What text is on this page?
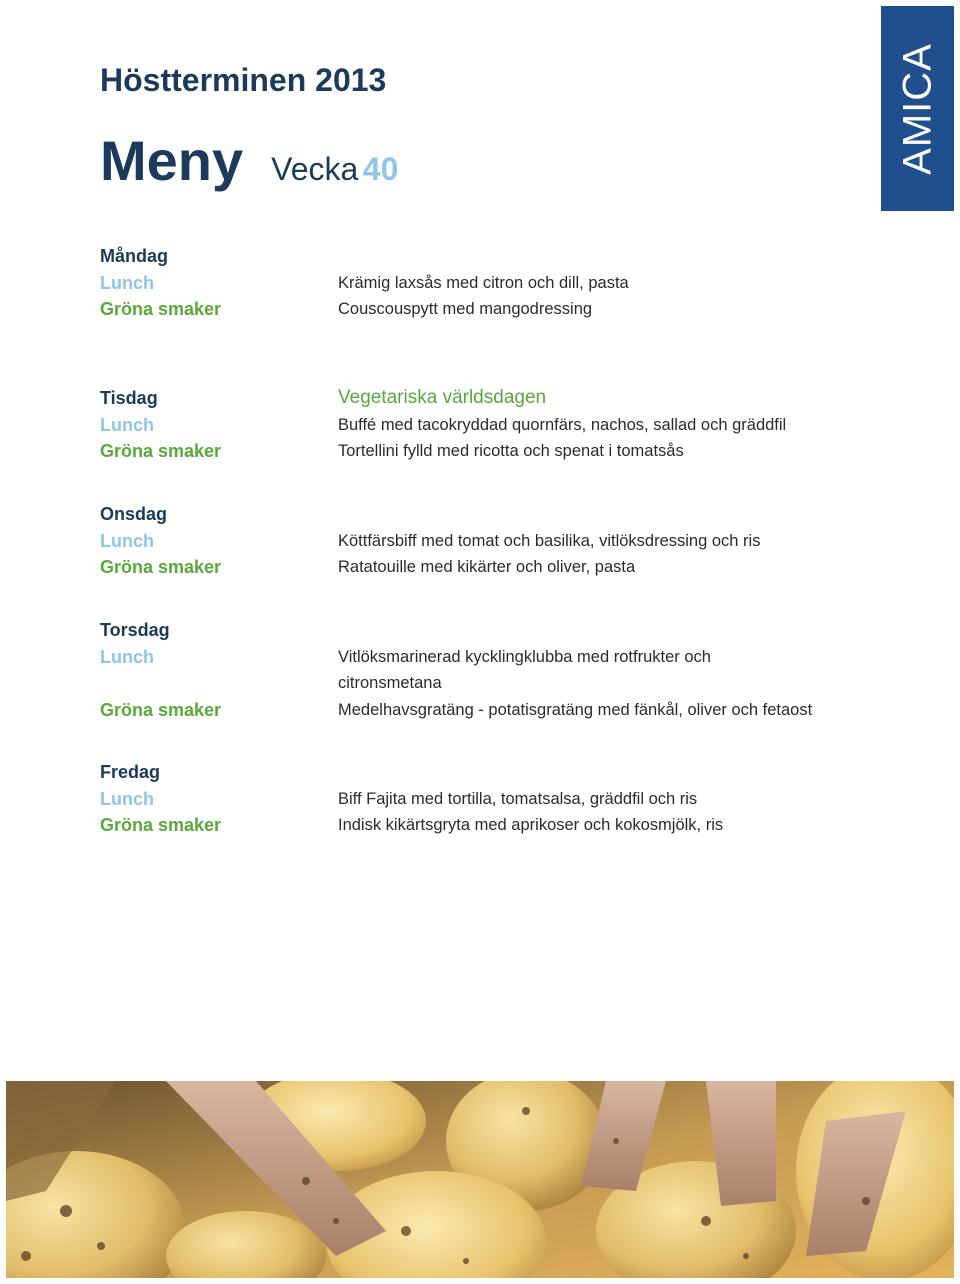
AMICA
Höstterminen 2013
Meny Vecka 40
Måndag
Lunch	Krämig laxsås med citron och dill, pasta
Gröna smaker	Couscouspytt med mangodressing
Tisdag	Vegetariska världsdagen
Lunch	Buffé med tacokryddad quornfärs, nachos, sallad och gräddfil
Gröna smaker	Tortellini fylld med ricotta och spenat i tomatsås
Onsdag
Lunch	Köttfärsbiff med tomat och basilika, vitlöksdressing och ris
Gröna smaker	Ratatouille med kikärter och oliver, pasta
Torsdag
Lunch	Vitlöksmarinerad kycklingklubba med rotfrukter och citronsmetana
Gröna smaker	Medelhavsgratäng - potatisgratäng med fänkål, oliver och fetaost
Fredag
Lunch	Biff Fajita med tortilla, tomatsalsa, gräddfil och ris
Gröna smaker	Indisk kikärtsgryta med aprikoser och kokosmjölk, ris
